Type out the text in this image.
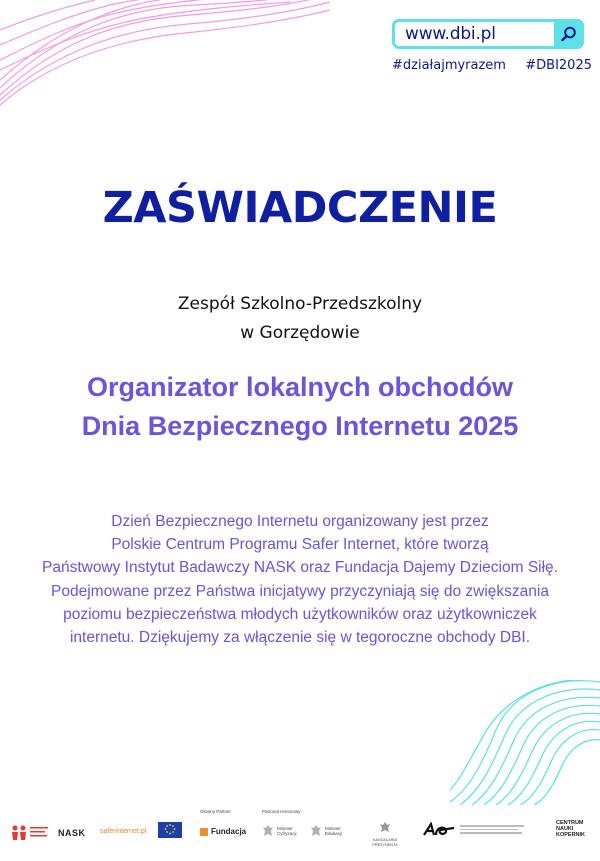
www.dbi.pl
#działajmyrazem #DBI2025
ZAŚWIADCZENIE
Zespół Szkolno-Przedszkolny
w Gorzędowie
Organizator lokalnych obchodów
Dnia Bezpiecznego Internetu 2025
Dzień Bezpiecznego Internetu organizowany jest przez
Polskie Centrum Programu Safer Internet, które tworzą
Państwowy Instytut Badawczy NASK oraz Fundacja Dajemy Dzieciom Siłę.
Podejmowane przez Państwa inicjatywy przyczyniają się do zwiększania
poziomu bezpieczeństwa młodych użytkowników oraz użytkowniczek
internetu. Dziękujemy za włączenie się w tegoroczne obchody DBI.
NASK saferinternet.pl
Główny Partner
Fundacja
Patronat Honorowy
Minister Cyfryzacji
Minister Edukacji
KANCELARIA PREZYDENTA
CENTRUM NAUKI KOPERNIK
